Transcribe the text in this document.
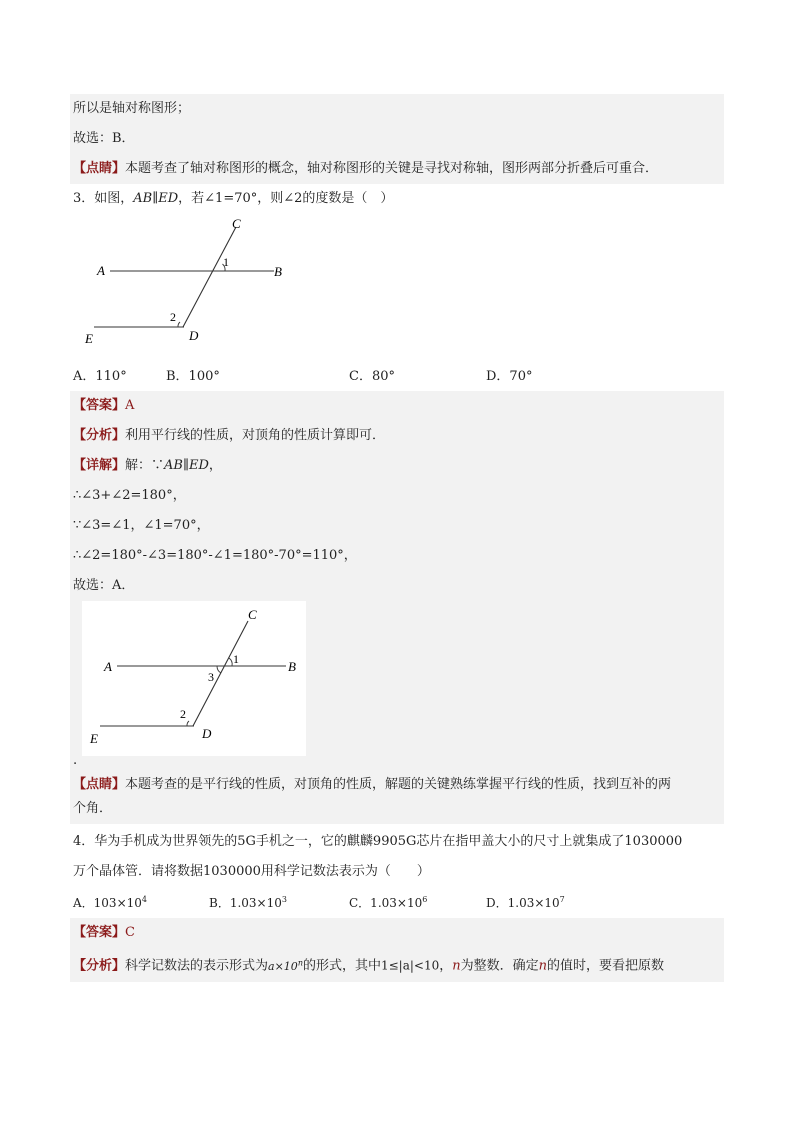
所以是轴对称图形；
故选：B．
【点睛】本题考查了轴对称图形的概念，轴对称图形的关键是寻找对称轴，图形两部分折叠后可重合．
3．如图，AB∥ED，若∠1=70°，则∠2的度数是（　）
C
A	B
1
2
E	D
A．110°	B．100°	C．80°	D．70°
【答案】A
【分析】利用平行线的性质，对顶角的性质计算即可．
【详解】解：∵AB∥ED，
∴∠3+∠2=180°，
∵∠3=∠1，∠1=70°，
∴∠2=180°-∠3=180°-∠1=180°-70°=110°，
故选：A．
C
A	B
1
3
2
E	D
.
【点睛】本题考查的是平行线的性质，对顶角的性质，解题的关键熟练掌握平行线的性质，找到互补的两
个角．
4．华为手机成为世界领先的5G手机之一，它的麒麟9905G芯片在指甲盖大小的尺寸上就集成了1030000
万个晶体管．请将数据1030000用科学记数法表示为（　　）
A．$103\times 10^4$	B．$1.03\times 10^3$	C．$1.03\times 10^6$	D．$1.03\times 10^7$
【答案】C
【分析】科学记数法的表示形式为$a\times 10^n$的形式，其中1≤|a|<10，n为整数．确定n的值时，要看把原数
